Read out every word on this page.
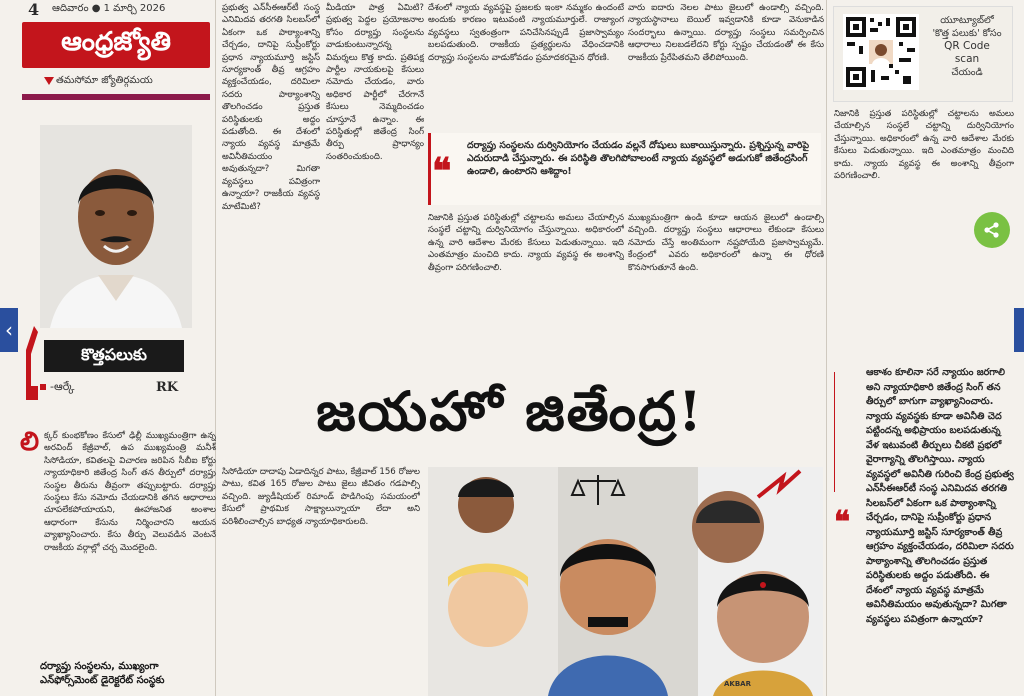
4 ఆదివారం ● 1 మార్చి 2026
ఆంధ్రజ్యోతి
తమసోమా జ్యోతిర్గమయ
‹
కొత్తపలుకు
-ఆర్కే	RK
యూట్యూబ్‌లో
'కొత్త పలుకు' కోసం
QR Code
scan
చేయండి
ప్రభుత్వ ఎన్‌సీఈఆర్‌టీ సంస్థ ఎనిమిదవ తరగతి సిలబస్‌లో ఏకంగా ఒక పాఠ్యాంశాన్ని చేర్చడం, దానిపై సుప్రీంకోర్టు ప్రధాన న్యాయమూర్తి జస్టిస్ సూర్యకాంత్ తీవ్ర ఆగ్రహం వ్యక్తంచేయడం, దరిమిలా సదరు పాఠ్యాంశాన్ని తొలగించడం ప్రస్తుత పరిస్థితులకు అద్దం పడుతోంది. ఈ దేశంలో న్యాయ వ్యవస్థ మాత్రమే అవినీతిమయం అవుతున్నదా? మిగతా వ్యవస్థలు పవిత్రంగా ఉన్నాయా? రాజకీయ వ్యవస్థ మాటేమిటి?
మీడియా పాత్ర ఏమిటి? ప్రభుత్వ పెద్దల ప్రయోజనాల కోసం దర్యాప్తు సంస్థలను వాడుకుంటున్నారన్న విమర్శలు కొత్త కాదు. ప్రతిపక్ష పార్టీల నాయకులపై కేసులు నమోదు చేయడం, వారు అధికార పార్టీలో చేరగానే కేసులు నెమ్మదించడం చూస్తూనే ఉన్నాం. ఈ పరిస్థితుల్లో జితేంద్ర సింగ్ తీర్పు ప్రాధాన్యం సంతరించుకుంది.
దేశంలో న్యాయ వ్యవస్థపై ప్రజలకు ఇంకా నమ్మకం ఉందంటే అందుకు కారణం ఇటువంటి న్యాయమూర్తులే. రాజ్యాంగ వ్యవస్థలు స్వతంత్రంగా పనిచేసినప్పుడే ప్రజాస్వామ్యం బలపడుతుంది. రాజకీయ ప్రత్యర్థులను వేధించడానికి దర్యాప్తు సంస్థలను వాడుకోవడం ప్రమాదకరమైన ధోరణి.
వారు ఐదారు నెలల పాటు జైలులో ఉండాల్సి వచ్చింది. న్యాయస్థానాలు బెయిల్ ఇవ్వడానికి కూడా వెనుకాడిన సందర్భాలు ఉన్నాయి. దర్యాప్తు సంస్థలు సమర్పించిన ఆధారాలు నిలబడలేదని కోర్టు స్పష్టం చేయడంతో ఈ కేసు రాజకీయ ప్రేరేపితమని తేలిపోయింది.
నిజానికి ప్రస్తుత పరిస్థితుల్లో చట్టాలను అమలు చేయాల్సిన సంస్థలే చట్టాన్ని దుర్వినియోగం చేస్తున్నాయి. అధికారంలో ఉన్న వారి ఆదేశాల మేరకు కేసులు పెడుతున్నాయి. ఇది ఎంతమాత్రం మంచిది కాదు. న్యాయ వ్యవస్థ ఈ అంశాన్ని తీవ్రంగా పరిగణించాలి.
ముఖ్యమంత్రిగా ఉండి కూడా ఆయన జైలులో ఉండాల్సి వచ్చింది. దర్యాప్తు సంస్థలు ఆధారాలు లేకుండా కేసులు నమోదు చేస్తే అంతిమంగా నష్టపోయేది ప్రజాస్వామ్యమే. కేంద్రంలో ఎవరు అధికారంలో ఉన్నా ఈ ధోరణి కొనసాగుతూనే ఉంది.
నిజానికి ప్రస్తుత పరిస్థితుల్లో చట్టాలను అమలు చేయాల్సిన సంస్థలే చట్టాన్ని దుర్వినియోగం చేస్తున్నాయి. అధికారంలో ఉన్న వారి ఆదేశాల మేరకు కేసులు పెడుతున్నాయి. ఇది ఎంతమాత్రం మంచిది కాదు. న్యాయ వ్యవస్థ ఈ అంశాన్ని తీవ్రంగా పరిగణించాలి.
దర్యాప్తు సంస్థలను దుర్వినియోగం చేయడం వల్లనే దోషులు బుకాయిస్తున్నారు. ప్రశ్నిస్తున్న వారిపై ఎదురుదాడి చేస్తున్నారు. ఈ పరిస్థితి తొలగిపోవాలంటే న్యాయ వ్యవస్థలో అడుగుకో జితేంద్రసింగ్ ఉండాలి, ఉంటారని ఆశిద్దాం!
❝
జయహో జితేంద్ర!
లి క్కర్ కుంభకోణం కేసులో ఢిల్లీ ముఖ్యమంత్రిగా ఉన్న అరవింద్ కేజ్రీవాల్, ఉప ముఖ్యమంత్రి మనీశ్ సిసోడియా, కవితలపై విచారణ జరిపిన సీబీఐ కోర్టు న్యాయాధికారి జితేంద్ర సింగ్ తన తీర్పులో దర్యాప్తు సంస్థల తీరును తీవ్రంగా తప్పుబట్టారు. దర్యాప్తు సంస్థలు కేసు నమోదు చేయడానికి తగిన ఆధారాలు చూపలేకపోయాయని, ఊహాజనిత అంశాల ఆధారంగా కేసును నిర్మించారని ఆయన వ్యాఖ్యానించారు. కేసు తీర్పు వెలువడిన వెంటనే రాజకీయ వర్గాల్లో చర్చ మొదలైంది.
దర్యాప్తు సంస్థలను, ముఖ్యంగా ఎన్‌ఫోర్స్‌మెంట్ డైరెక్టరేట్ సంస్థకు
సిసోడియా దాదాపు ఏడాదిన్నర పాటు, కేజ్రీవాల్ 156 రోజుల పాటు, కవిత 165 రోజుల పాటు జైలు జీవితం గడపాల్సి వచ్చింది. జ్యుడీషియల్ రిమాండ్ పొడిగింపు సమయంలో కేసులో ప్రాథమిక సాక్ష్యాలున్నాయా లేదా అని పరిశీలించాల్సిన బాధ్యత న్యాయాధికారులది.
AKBAR
❝
ఆకాశం కూలినా సరే న్యాయం జరగాలి అని న్యాయాధికారి జితేంద్ర సింగ్ తన తీర్పులో బాగుగా వ్యాఖ్యానించారు. న్యాయ వ్యవస్థకు కూడా అవినీతి చెద పట్టిందన్న అభిప్రాయం బలపడుతున్న వేళ ఇటువంటి తీర్పులు చీకటి ప్రభలో వైరాగ్యాన్ని తొలగిస్తాయి. న్యాయ వ్యవస్థలో అవినీతి గురించి కేంద్ర ప్రభుత్వ ఎన్‌సీఈఆర్‌టీ సంస్థ ఎనిమిదవ తరగతి సిలబస్‌లో ఏకంగా ఒక పాఠ్యాంశాన్ని చేర్చడం, దానిపై సుప్రీంకోర్టు ప్రధాన న్యాయమూర్తి జస్టిస్ సూర్యకాంత్ తీవ్ర ఆగ్రహం వ్యక్తంచేయడం, దరిమిలా సదరు పాఠ్యాంశాన్ని తొలగించడం ప్రస్తుత పరిస్థితులకు అద్దం పడుతోంది. ఈ దేశంలో న్యాయ వ్యవస్థ మాత్రమే అవినీతిమయం అవుతున్నదా? మిగతా వ్యవస్థలు పవిత్రంగా ఉన్నాయా?
